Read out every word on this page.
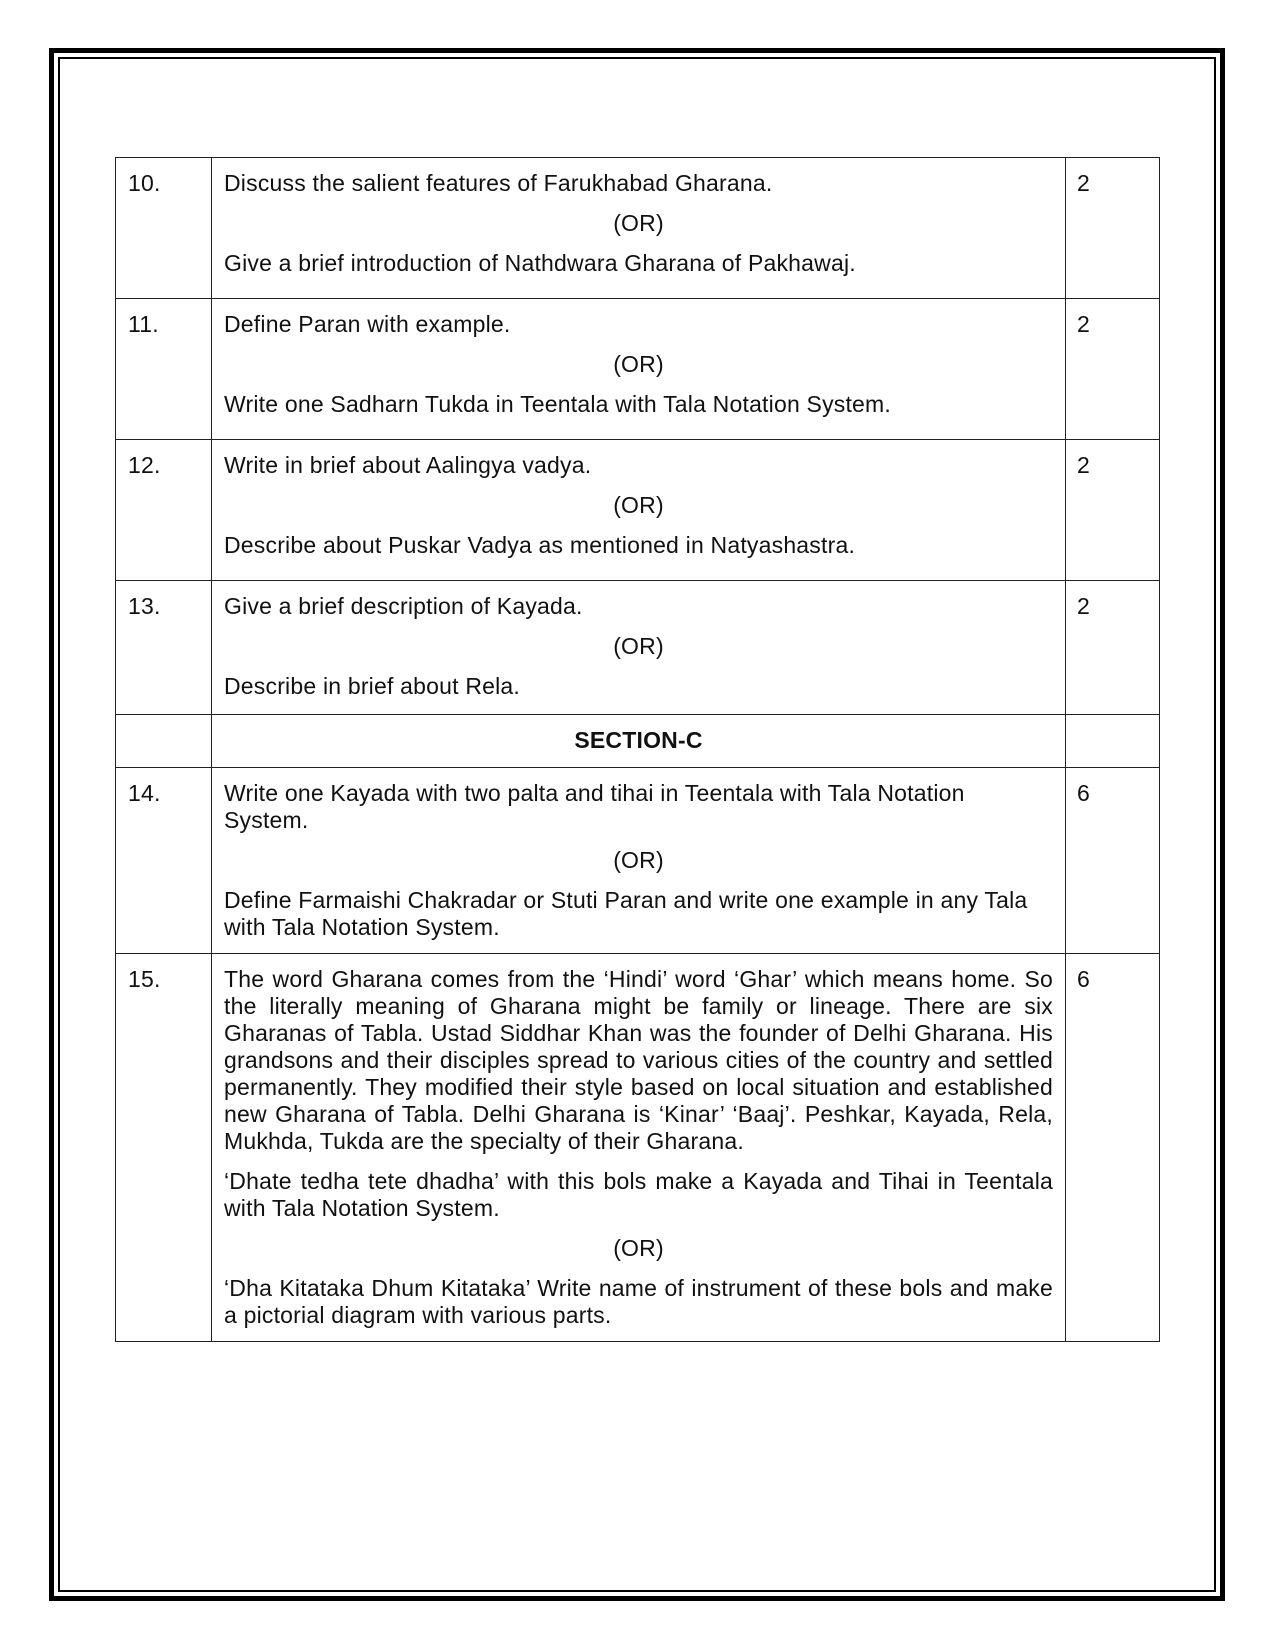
10.	Discuss the salient features of Farukhabad Gharana.
(OR)
Give a brief introduction of Nathdwara Gharana of Pakhawaj.	2
11.	Define Paran with example.
(OR)
Write one Sadharn Tukda in Teentala with Tala Notation System.	2
12.	Write in brief about Aalingya vadya.
(OR)
Describe about Puskar Vadya as mentioned in Natyashastra.	2
13.	Give a brief description of Kayada.
(OR)
Describe in brief about Rela.	2
	SECTION-C	
14.	Write one Kayada with two palta and tihai in Teentala with Tala Notation System.
(OR)
Define Farmaishi Chakradar or Stuti Paran and write one example in any Tala with Tala Notation System.	6
15.	The word Gharana comes from the ‘Hindi’ word ‘Ghar’ which means home. So the literally meaning of Gharana might be family or lineage. There are six Gharanas of Tabla. Ustad Siddhar Khan was the founder of Delhi Gharana. His grandsons and their disciples spread to various cities of the country and settled permanently. They modified their style based on local situation and established new Gharana of Tabla. Delhi Gharana is ‘Kinar’ ‘Baaj’. Peshkar, Kayada, Rela, Mukhda, Tukda are the specialty of their Gharana.
‘Dhate tedha tete dhadha’ with this bols make a Kayada and Tihai in Teentala with Tala Notation System.
(OR)
‘Dha Kitataka Dhum Kitataka’ Write name of instrument of these bols and make a pictorial diagram with various parts.	6
